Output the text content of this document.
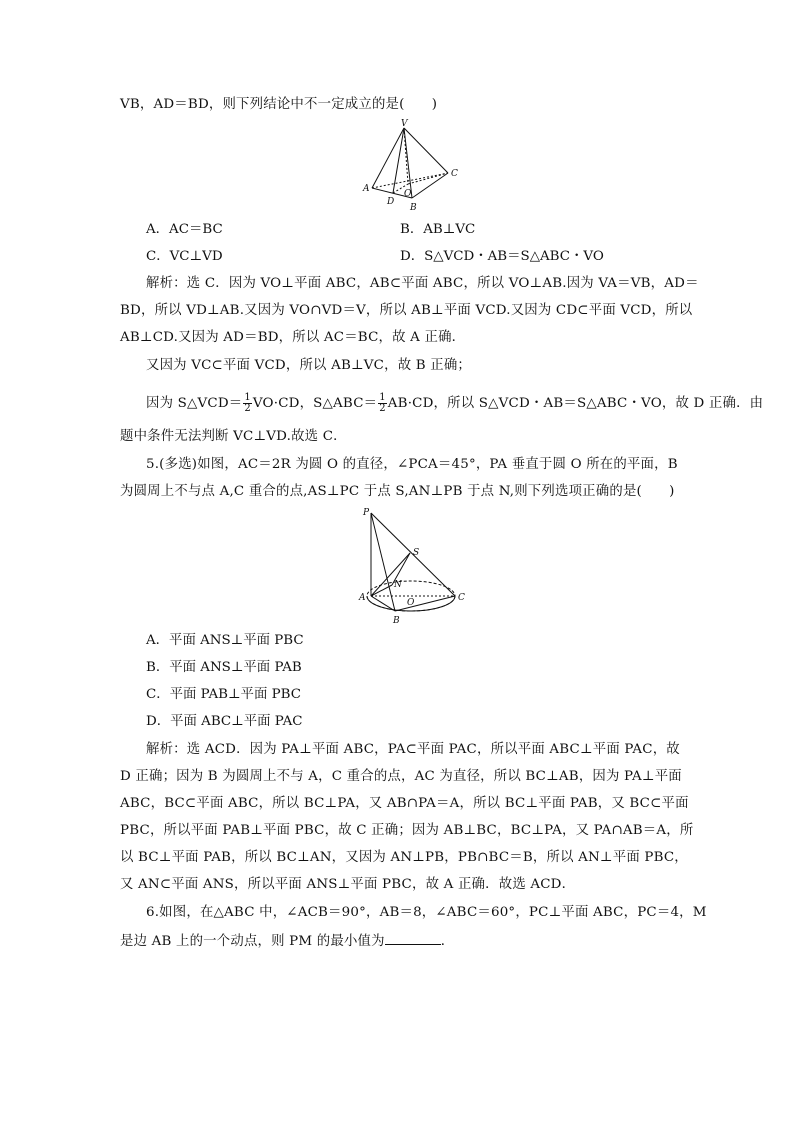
VB，AD＝BD，则下列结论中不一定成立的是(　　)
V
A
B
C
D
O
A．AC＝BC	B．AB⊥VC
C．VC⊥VD	D．S△VCD・AB＝S△ABC・VO
解析：选 C．因为 VO⊥平面 ABC，AB⊂平面 ABC，所以 VO⊥AB.因为 VA＝VB，AD＝
BD，所以 VD⊥AB.又因为 VO∩VD＝V，所以 AB⊥平面 VCD.又因为 CD⊂平面 VCD，所以
AB⊥CD.又因为 AD＝BD，所以 AC＝BC，故 A 正确．
又因为 VC⊂平面 VCD，所以 AB⊥VC，故 B 正确；
因为 S△VCD＝ $\frac{1}{2} VO\cdot CD$，S△ABC＝ $\frac{1}{2} AB\cdot CD$，所以 S△VCD・AB＝S△ABC・VO，故 D 正确．由
题中条件无法判断 VC⊥VD.故选 C．
5.(多选)如图，AC＝2R 为圆 O 的直径，∠PCA＝45°，PA 垂直于圆 O 所在的平面，B
为圆周上不与点 A,C 重合的点,AS⊥PC 于点 S,AN⊥PB 于点 N,则下列选项正确的是(　　)
P
S
N
A
B
C
O
A．平面 ANS⊥平面 PBC
B．平面 ANS⊥平面 PAB
C．平面 PAB⊥平面 PBC
D．平面 ABC⊥平面 PAC
解析：选 ACD．因为 PA⊥平面 ABC，PA⊂平面 PAC，所以平面 ABC⊥平面 PAC，故
D 正确；因为 B 为圆周上不与 A，C 重合的点，AC 为直径，所以 BC⊥AB，因为 PA⊥平面
ABC，BC⊂平面 ABC，所以 BC⊥PA，又 AB∩PA＝A，所以 BC⊥平面 PAB，又 BC⊂平面
PBC，所以平面 PAB⊥平面 PBC，故 C 正确；因为 AB⊥BC，BC⊥PA，又 PA∩AB＝A，所
以 BC⊥平面 PAB，所以 BC⊥AN，又因为 AN⊥PB，PB∩BC＝B，所以 AN⊥平面 PBC，
又 AN⊂平面 ANS，所以平面 ANS⊥平面 PBC，故 A 正确．故选 ACD．
6.如图，在△ABC 中，∠ACB＝90°，AB＝8，∠ABC＝60°，PC⊥平面 ABC，PC＝4，M
是边 AB 上的一个动点，则 PM 的最小值为	．
